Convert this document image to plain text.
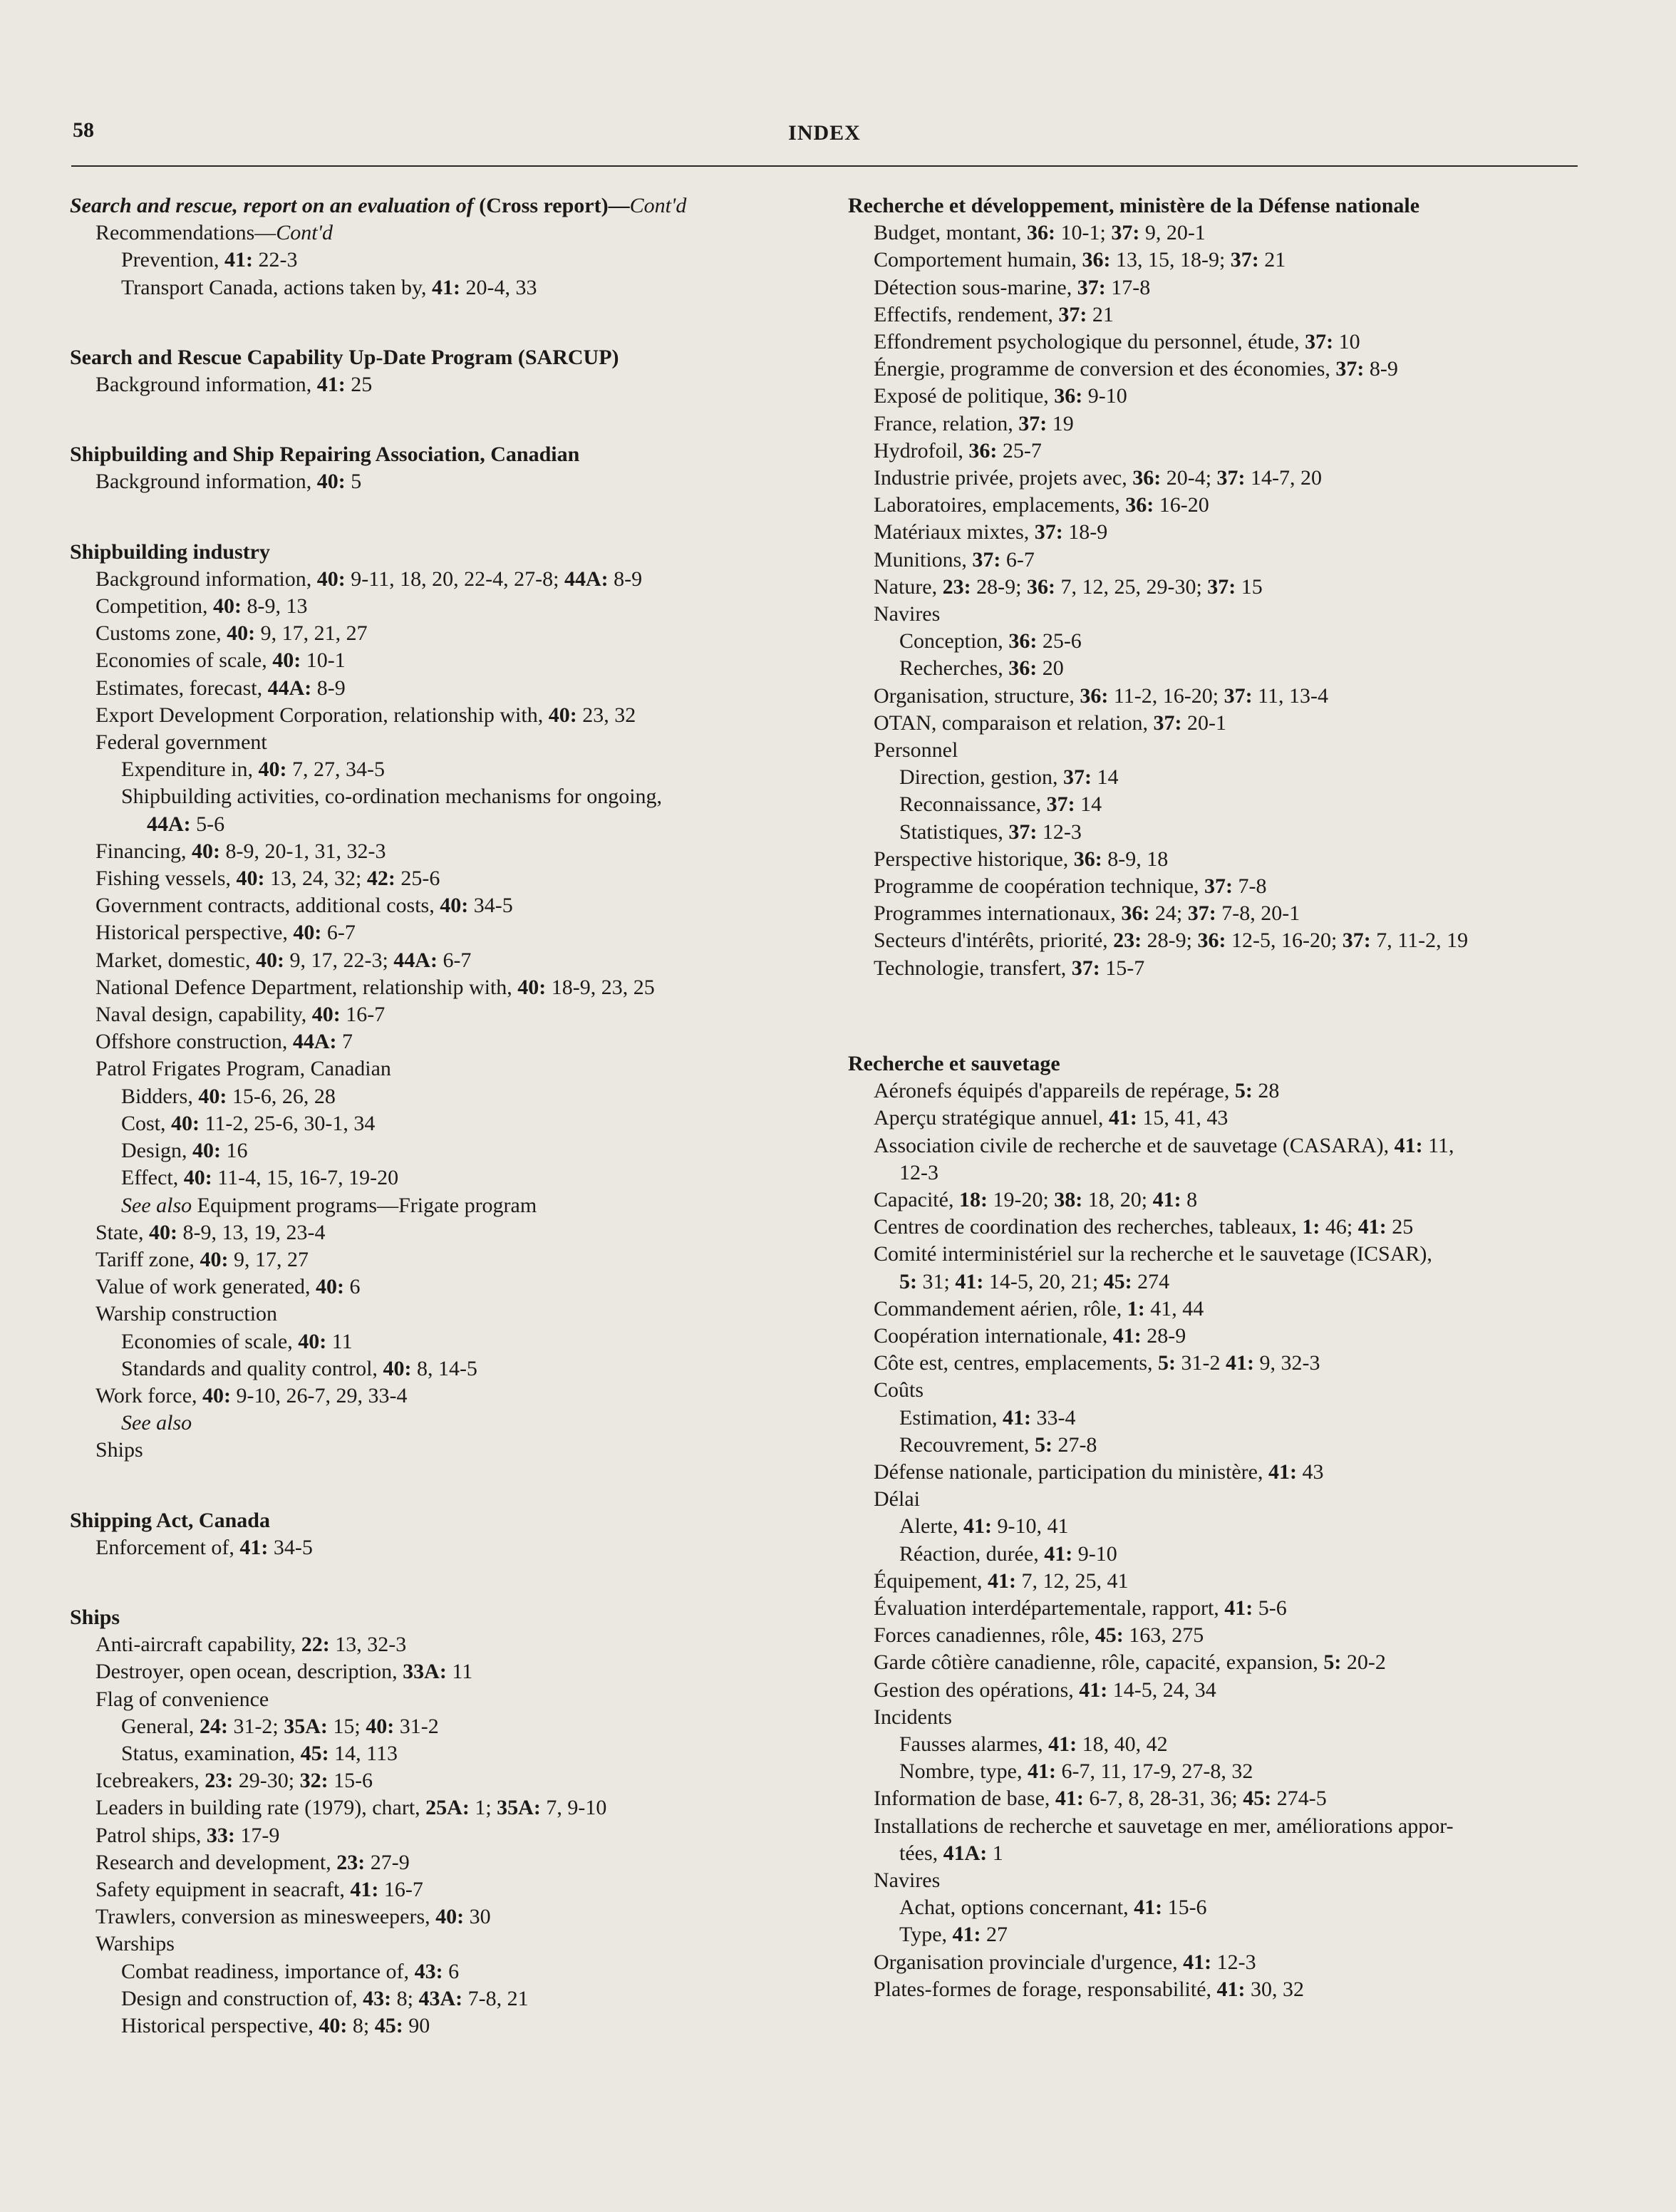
58	INDEX
Search and rescue, report on an evaluation of (Cross report)—Cont'd
Recommendations—Cont'd
Prevention, 41: 22-3
Transport Canada, actions taken by, 41: 20-4, 33
Search and Rescue Capability Up-Date Program (SARCUP)
Background information, 41: 25
Shipbuilding and Ship Repairing Association, Canadian
Background information, 40: 5
Shipbuilding industry
Background information, 40: 9-11, 18, 20, 22-4, 27-8; 44A: 8-9
Competition, 40: 8-9, 13
Customs zone, 40: 9, 17, 21, 27
Economies of scale, 40: 10-1
Estimates, forecast, 44A: 8-9
Export Development Corporation, relationship with, 40: 23, 32
Federal government
Expenditure in, 40: 7, 27, 34-5
Shipbuilding activities, co-ordination mechanisms for ongoing,
44A: 5-6
Financing, 40: 8-9, 20-1, 31, 32-3
Fishing vessels, 40: 13, 24, 32; 42: 25-6
Government contracts, additional costs, 40: 34-5
Historical perspective, 40: 6-7
Market, domestic, 40: 9, 17, 22-3; 44A: 6-7
National Defence Department, relationship with, 40: 18-9, 23, 25
Naval design, capability, 40: 16-7
Offshore construction, 44A: 7
Patrol Frigates Program, Canadian
Bidders, 40: 15-6, 26, 28
Cost, 40: 11-2, 25-6, 30-1, 34
Design, 40: 16
Effect, 40: 11-4, 15, 16-7, 19-20
See also Equipment programs—Frigate program
State, 40: 8-9, 13, 19, 23-4
Tariff zone, 40: 9, 17, 27
Value of work generated, 40: 6
Warship construction
Economies of scale, 40: 11
Standards and quality control, 40: 8, 14-5
Work force, 40: 9-10, 26-7, 29, 33-4
See also
Ships
Shipping Act, Canada
Enforcement of, 41: 34-5
Ships
Anti-aircraft capability, 22: 13, 32-3
Destroyer, open ocean, description, 33A: 11
Flag of convenience
General, 24: 31-2; 35A: 15; 40: 31-2
Status, examination, 45: 14, 113
Icebreakers, 23: 29-30; 32: 15-6
Leaders in building rate (1979), chart, 25A: 1; 35A: 7, 9-10
Patrol ships, 33: 17-9
Research and development, 23: 27-9
Safety equipment in seacraft, 41: 16-7
Trawlers, conversion as minesweepers, 40: 30
Warships
Combat readiness, importance of, 43: 6
Design and construction of, 43: 8; 43A: 7-8, 21
Historical perspective, 40: 8; 45: 90
Recherche et développement, ministère de la Défense nationale
Budget, montant, 36: 10-1; 37: 9, 20-1
Comportement humain, 36: 13, 15, 18-9; 37: 21
Détection sous-marine, 37: 17-8
Effectifs, rendement, 37: 21
Effondrement psychologique du personnel, étude, 37: 10
Énergie, programme de conversion et des économies, 37: 8-9
Exposé de politique, 36: 9-10
France, relation, 37: 19
Hydrofoil, 36: 25-7
Industrie privée, projets avec, 36: 20-4; 37: 14-7, 20
Laboratoires, emplacements, 36: 16-20
Matériaux mixtes, 37: 18-9
Munitions, 37: 6-7
Nature, 23: 28-9; 36: 7, 12, 25, 29-30; 37: 15
Navires
Conception, 36: 25-6
Recherches, 36: 20
Organisation, structure, 36: 11-2, 16-20; 37: 11, 13-4
OTAN, comparaison et relation, 37: 20-1
Personnel
Direction, gestion, 37: 14
Reconnaissance, 37: 14
Statistiques, 37: 12-3
Perspective historique, 36: 8-9, 18
Programme de coopération technique, 37: 7-8
Programmes internationaux, 36: 24; 37: 7-8, 20-1
Secteurs d'intérêts, priorité, 23: 28-9; 36: 12-5, 16-20; 37: 7, 11-2, 19
Technologie, transfert, 37: 15-7
Recherche et sauvetage
Aéronefs équipés d'appareils de repérage, 5: 28
Aperçu stratégique annuel, 41: 15, 41, 43
Association civile de recherche et de sauvetage (CASARA), 41: 11,
12-3
Capacité, 18: 19-20; 38: 18, 20; 41: 8
Centres de coordination des recherches, tableaux, 1: 46; 41: 25
Comité interministériel sur la recherche et le sauvetage (ICSAR),
5: 31; 41: 14-5, 20, 21; 45: 274
Commandement aérien, rôle, 1: 41, 44
Coopération internationale, 41: 28-9
Côte est, centres, emplacements, 5: 31-2 41: 9, 32-3
Coûts
Estimation, 41: 33-4
Recouvrement, 5: 27-8
Défense nationale, participation du ministère, 41: 43
Délai
Alerte, 41: 9-10, 41
Réaction, durée, 41: 9-10
Équipement, 41: 7, 12, 25, 41
Évaluation interdépartementale, rapport, 41: 5-6
Forces canadiennes, rôle, 45: 163, 275
Garde côtière canadienne, rôle, capacité, expansion, 5: 20-2
Gestion des opérations, 41: 14-5, 24, 34
Incidents
Fausses alarmes, 41: 18, 40, 42
Nombre, type, 41: 6-7, 11, 17-9, 27-8, 32
Information de base, 41: 6-7, 8, 28-31, 36; 45: 274-5
Installations de recherche et sauvetage en mer, améliorations appor-
tées, 41A: 1
Navires
Achat, options concernant, 41: 15-6
Type, 41: 27
Organisation provinciale d'urgence, 41: 12-3
Plates-formes de forage, responsabilité, 41: 30, 32
